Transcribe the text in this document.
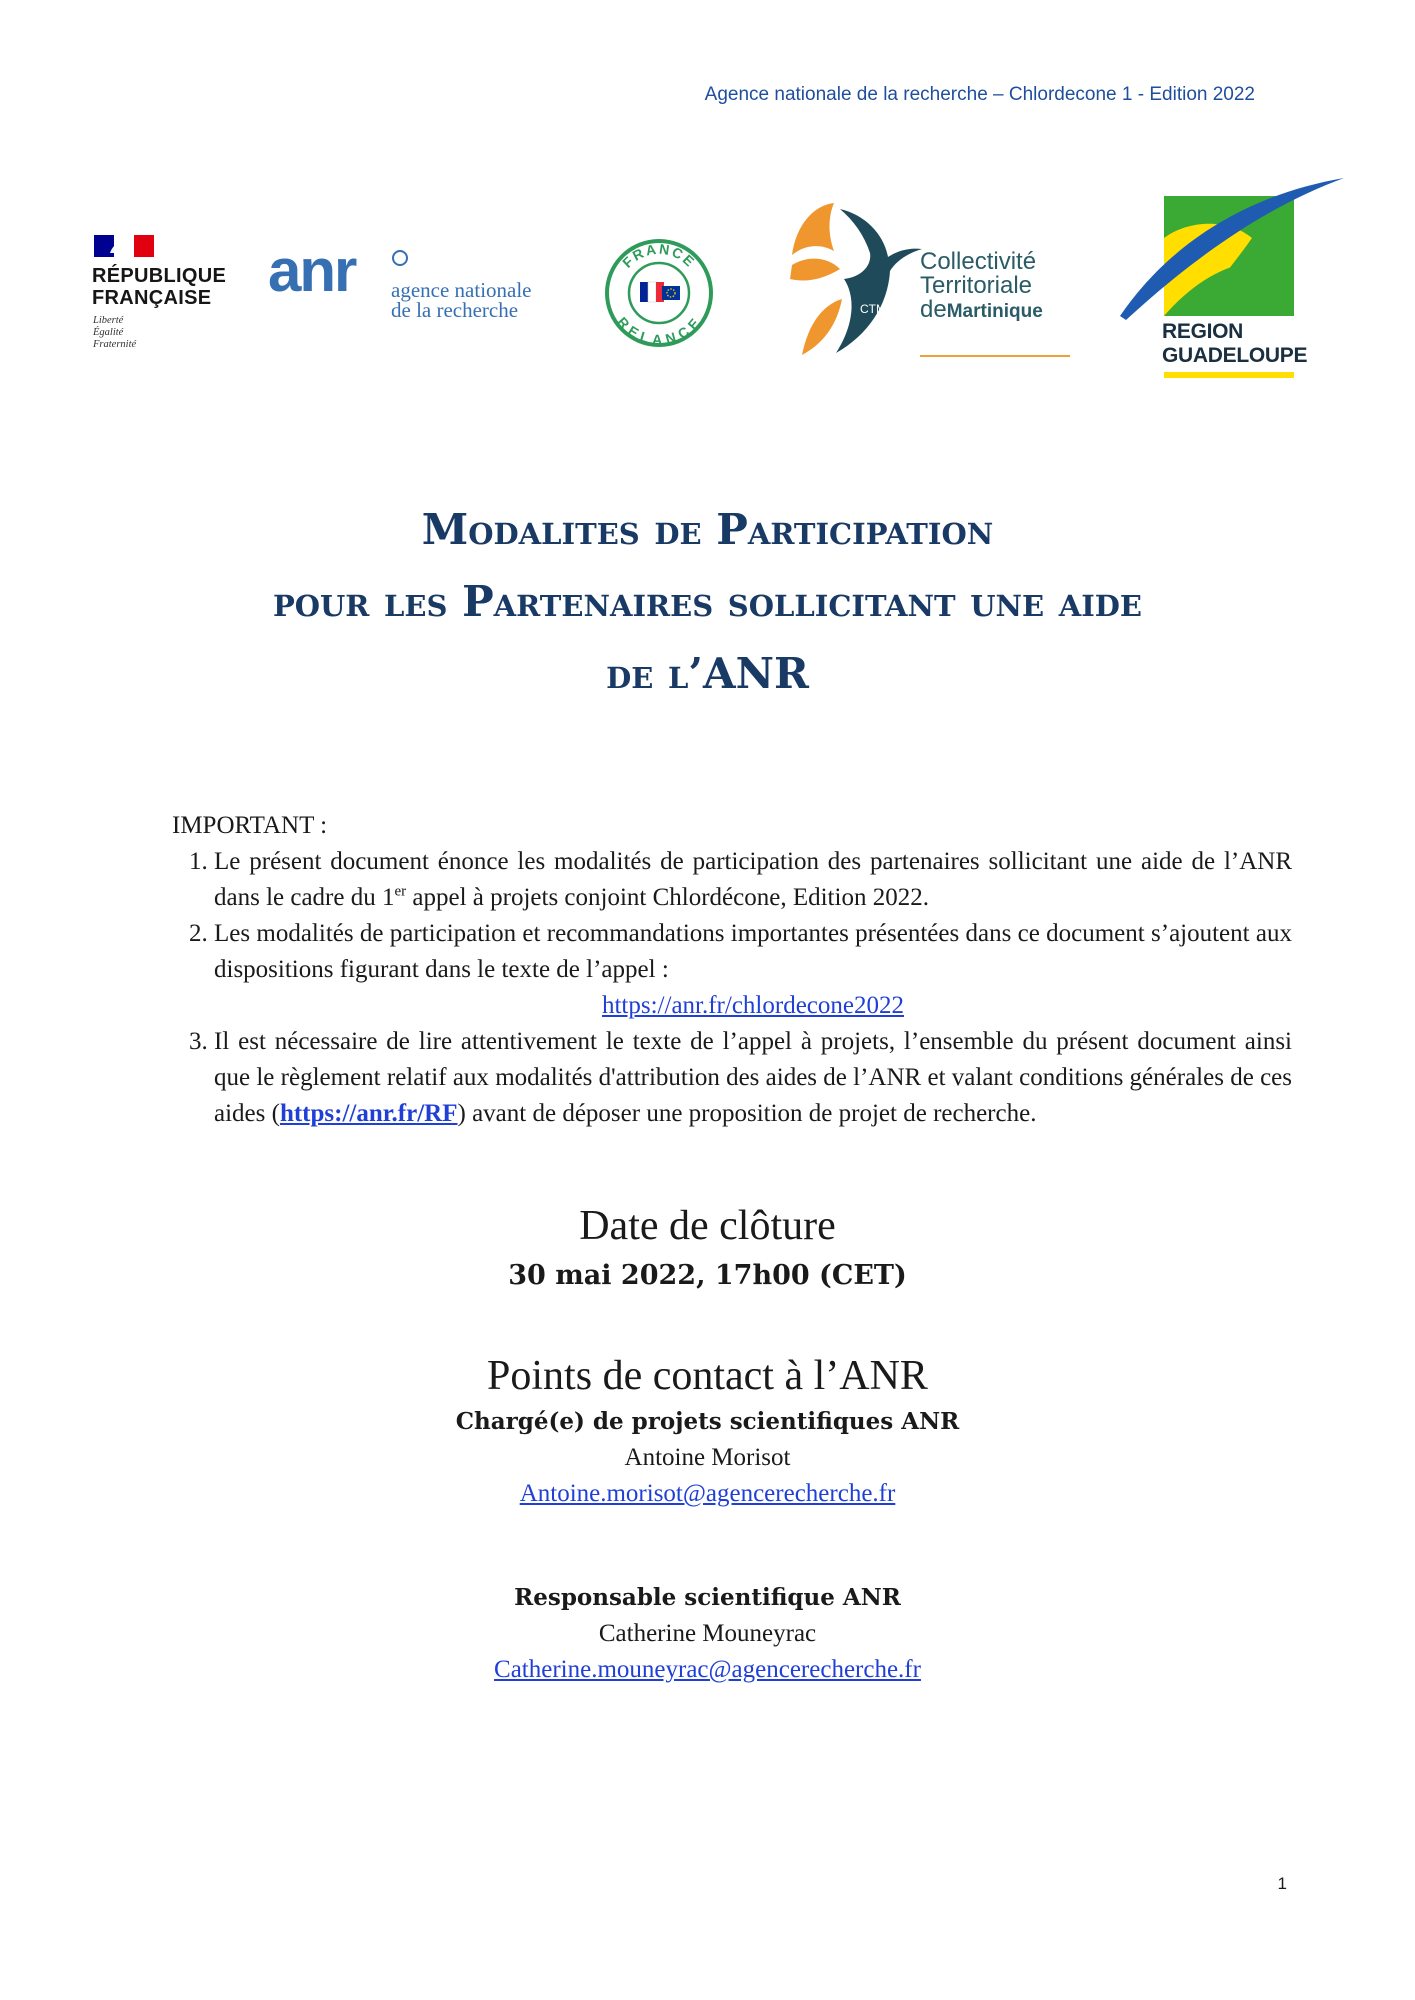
Agence nationale de la recherche – Chlordecone 1 - Edition 2022
RÉPUBLIQUE
FRANÇAISE
Liberté
Égalité
Fraternité
anr agence nationale
de la recherche
FRANCE
RELANCE
CTM
Collectivité
Territoriale
deMartinique
REGION
GUADELOUPE
Modalites de Participation
pour les Partenaires sollicitant une aide
de l’ANR
IMPORTANT :
1. Le présent document énonce les modalités de participation des partenaires sollicitant une aide de l’ANR dans le cadre du 1er appel à projets conjoint Chlordécone, Edition 2022.
2. Les modalités de participation et recommandations importantes présentées dans ce document s’ajoutent aux dispositions figurant dans le texte de l’appel :
https://anr.fr/chlordecone2022
3. Il est nécessaire de lire attentivement le texte de l’appel à projets, l’ensemble du présent document ainsi que le règlement relatif aux modalités d'attribution des aides de l’ANR et valant conditions générales de ces aides (https://anr.fr/RF) avant de déposer une proposition de projet de recherche.
Date de clôture
30 mai 2022, 17h00 (CET)
Points de contact à l’ANR
Chargé(e) de projets scientifiques ANR
Antoine Morisot
Antoine.morisot@agencerecherche.fr
Responsable scientifique ANR
Catherine Mouneyrac
Catherine.mouneyrac@agencerecherche.fr
1
